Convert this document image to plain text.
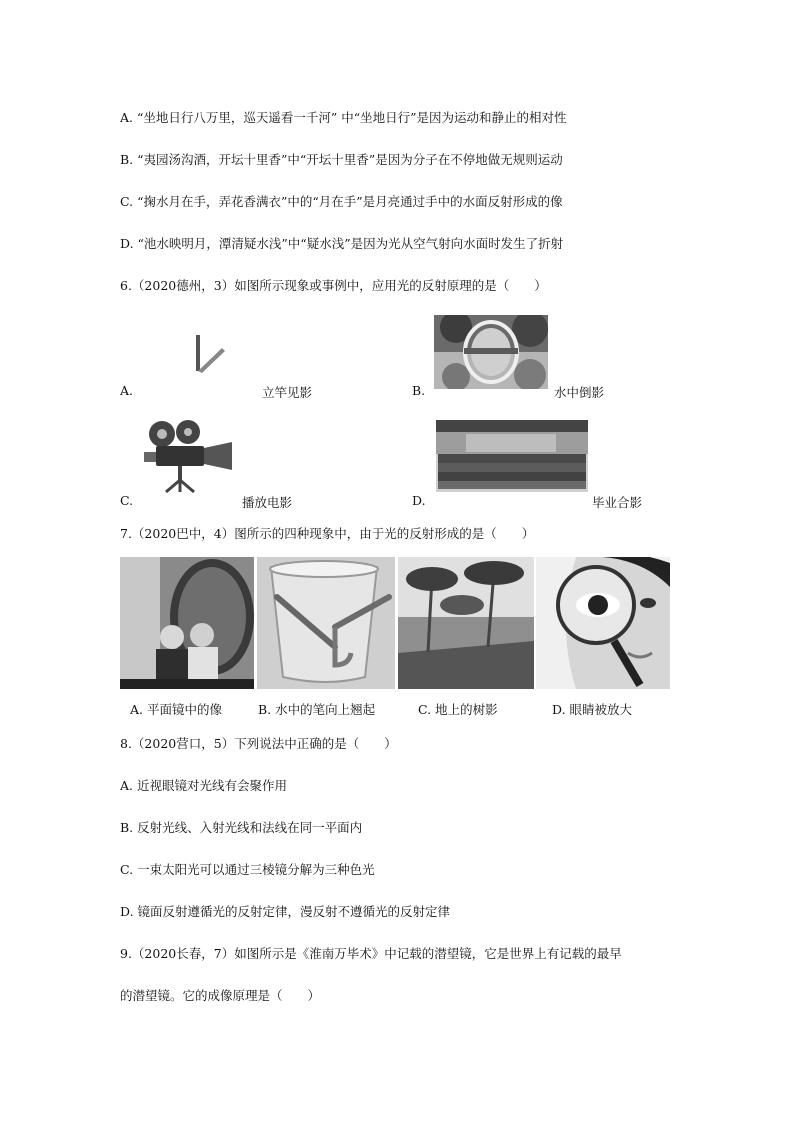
A. “坐地日行八万里，巡天遥看一千河” 中“坐地日行”是因为运动和静止的相对性
B. “夷园汤沟酒，开坛十里香”中“开坛十里香”是因为分子在不停地做无规则运动
C. “掬水月在手，弄花香满衣”中的“月在手”是月亮通过手中的水面反射形成的像
D. “池水映明月，潭清疑水浅”中“疑水浅”是因为光从空气射向水面时发生了折射
6.（2020德州，3）如图所示现象或事例中，应用光的反射原理的是（　　）
A.	立竿见影	B.	水中倒影
C.	播放电影	D.	毕业合影
7.（2020巴中，4）图所示的四种现象中，由于光的反射形成的是（　　）
A. 平面镜中的像	B. 水中的笔向上翘起	C. 地上的树影	D. 眼睛被放大
8.（2020营口，5）下列说法中正确的是（　　）
A. 近视眼镜对光线有会聚作用
B. 反射光线、入射光线和法线在同一平面内
C. 一束太阳光可以通过三棱镜分解为三种色光
D. 镜面反射遵循光的反射定律，漫反射不遵循光的反射定律
9.（2020长春，7）如图所示是《淮南万毕术》中记载的潜望镜，它是世界上有记载的最早
的潜望镜。它的成像原理是（　　）
